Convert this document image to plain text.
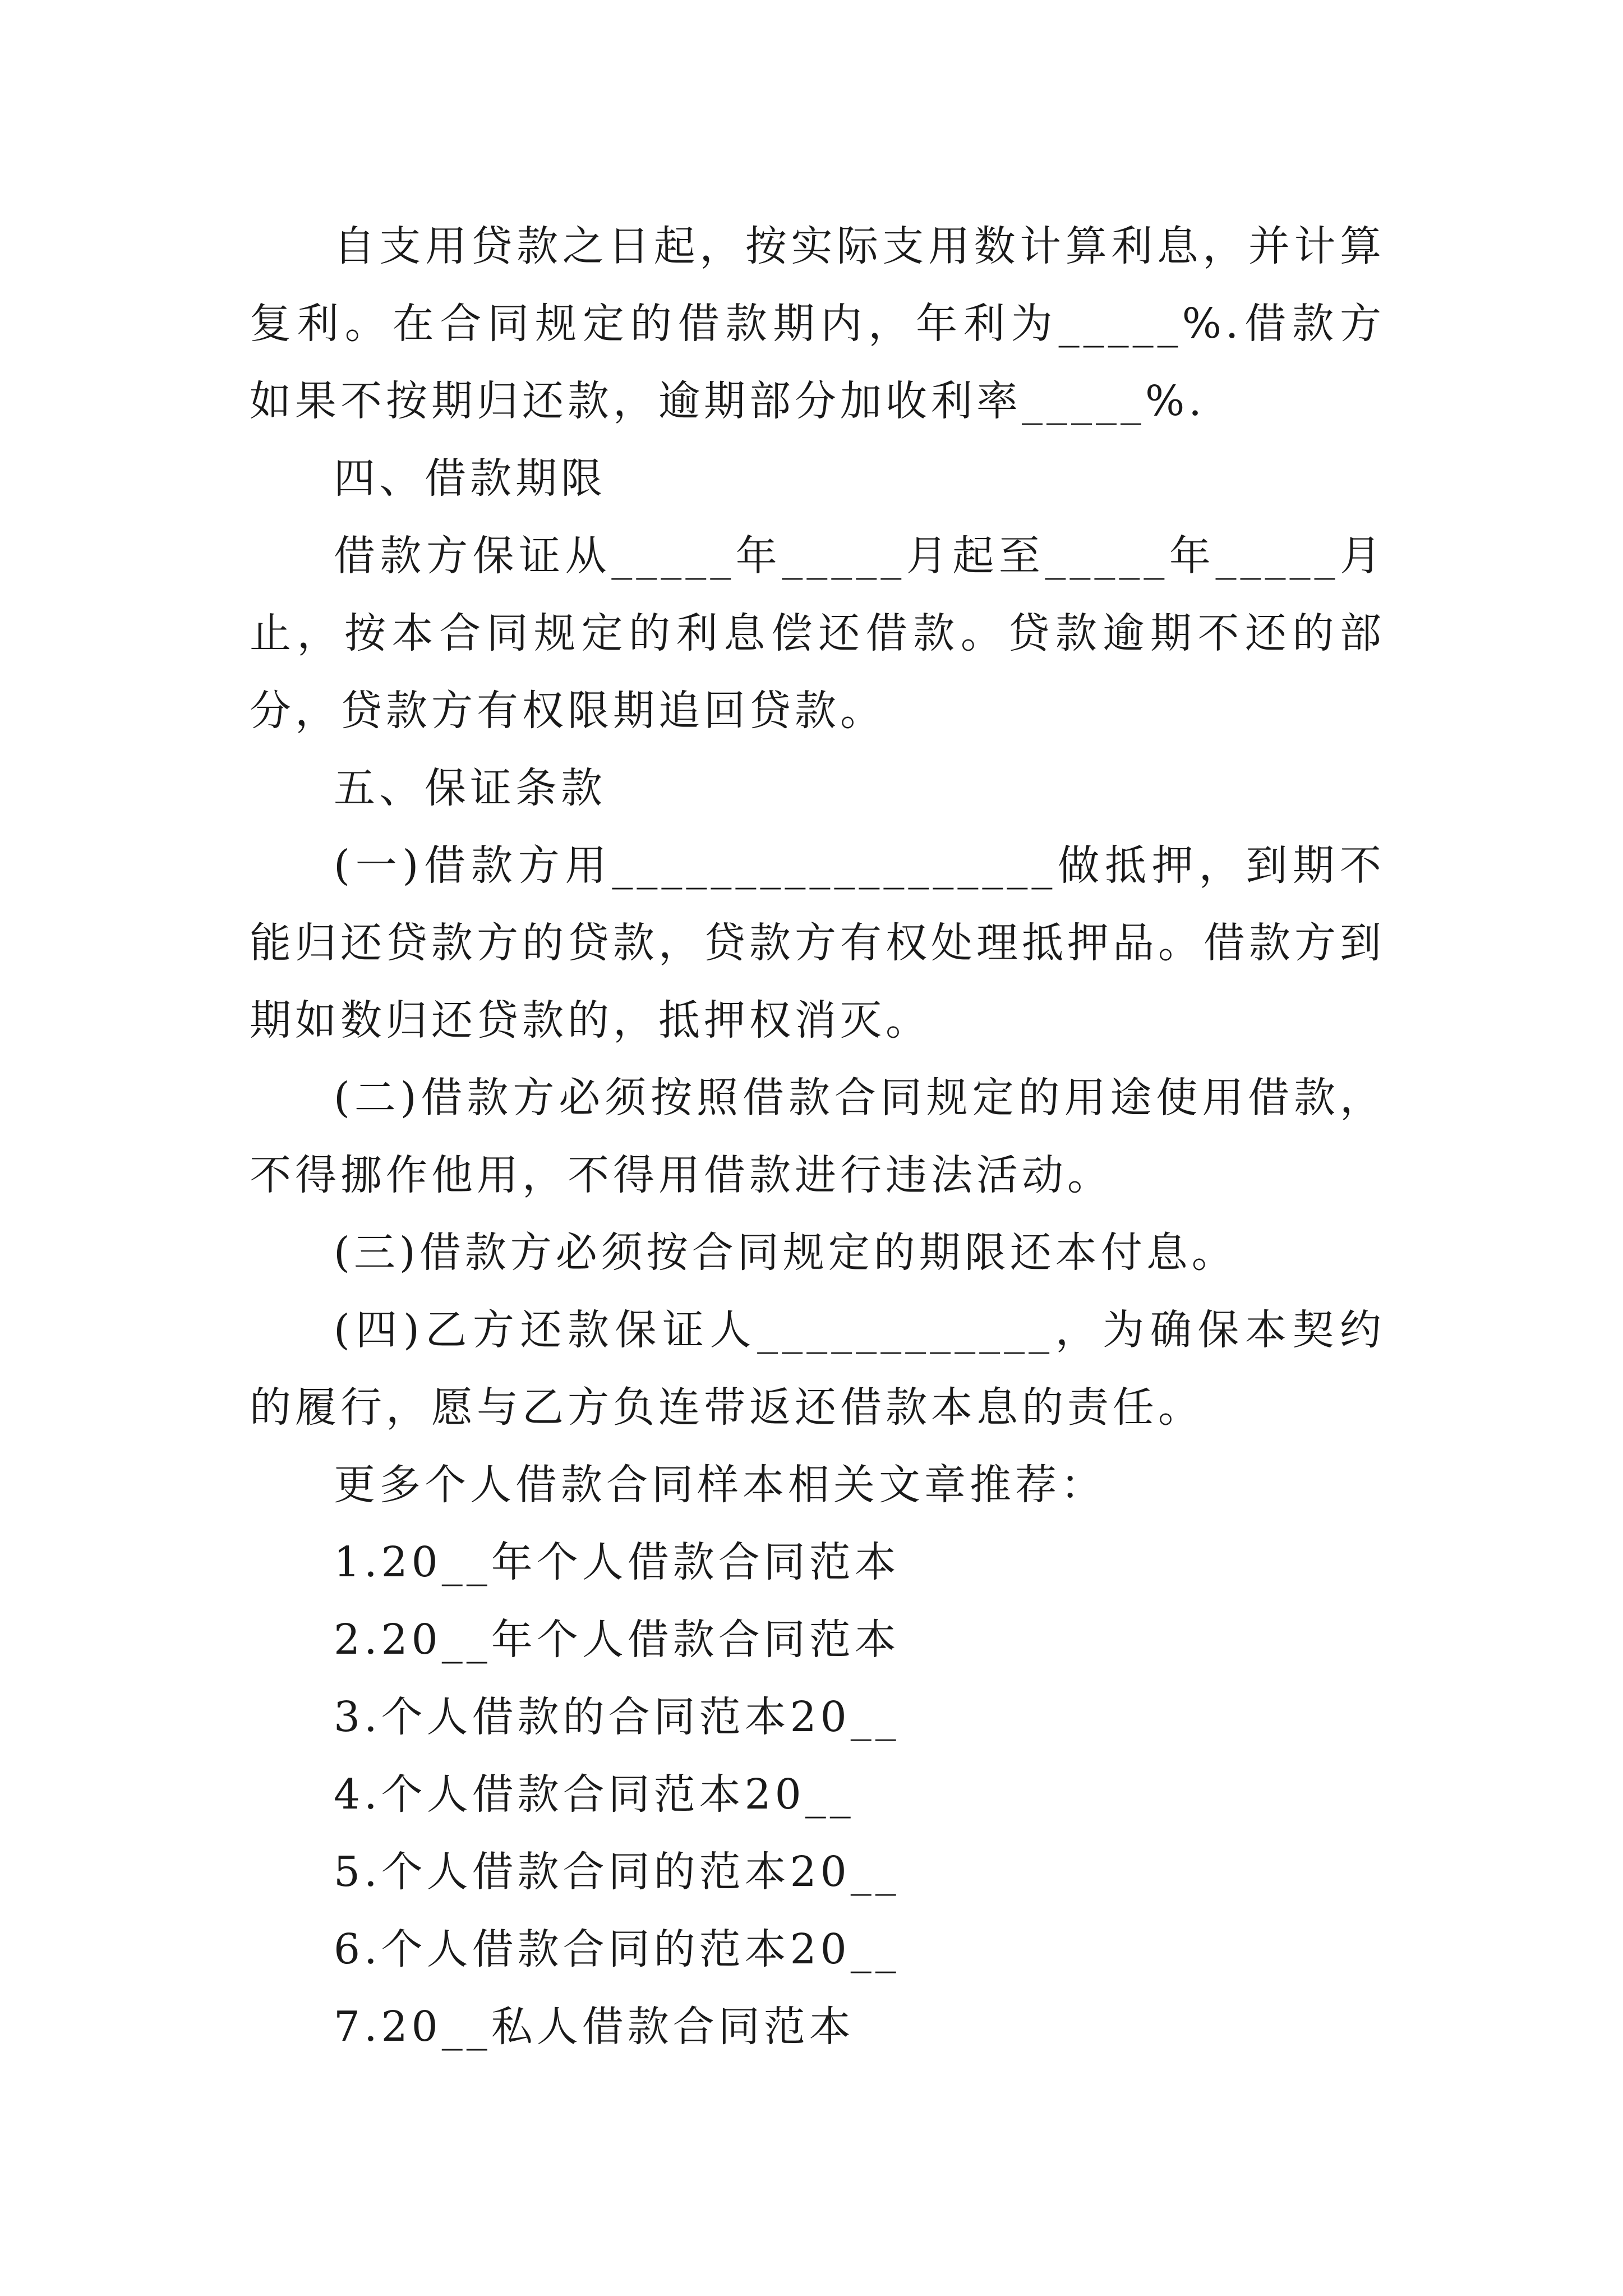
自支用贷款之日起，按实际支用数计算利息，并计算复利。在合同规定的借款期内，年利为_____%.借款方如果不按期归还款，逾期部分加收利率_____%.

四、借款期限

借款方保证从_____年_____月起至_____年_____月止，按本合同规定的利息偿还借款。贷款逾期不还的部分，贷款方有权限期追回贷款。

五、保证条款

(一)借款方用__________________做抵押，到期不能归还贷款方的贷款，贷款方有权处理抵押品。借款方到期如数归还贷款的，抵押权消灭。

(二)借款方必须按照借款合同规定的用途使用借款，不得挪作他用，不得用借款进行违法活动。

(三)借款方必须按合同规定的期限还本付息。

(四)乙方还款保证人____________，为确保本契约的履行，愿与乙方负连带返还借款本息的责任。

更多个人借款合同样本相关文章推荐：

1.20__年个人借款合同范本

2.20__年个人借款合同范本

3.个人借款的合同范本20__

4.个人借款合同范本20__

5.个人借款合同的范本20__

6.个人借款合同的范本20__

7.20__私人借款合同范本
